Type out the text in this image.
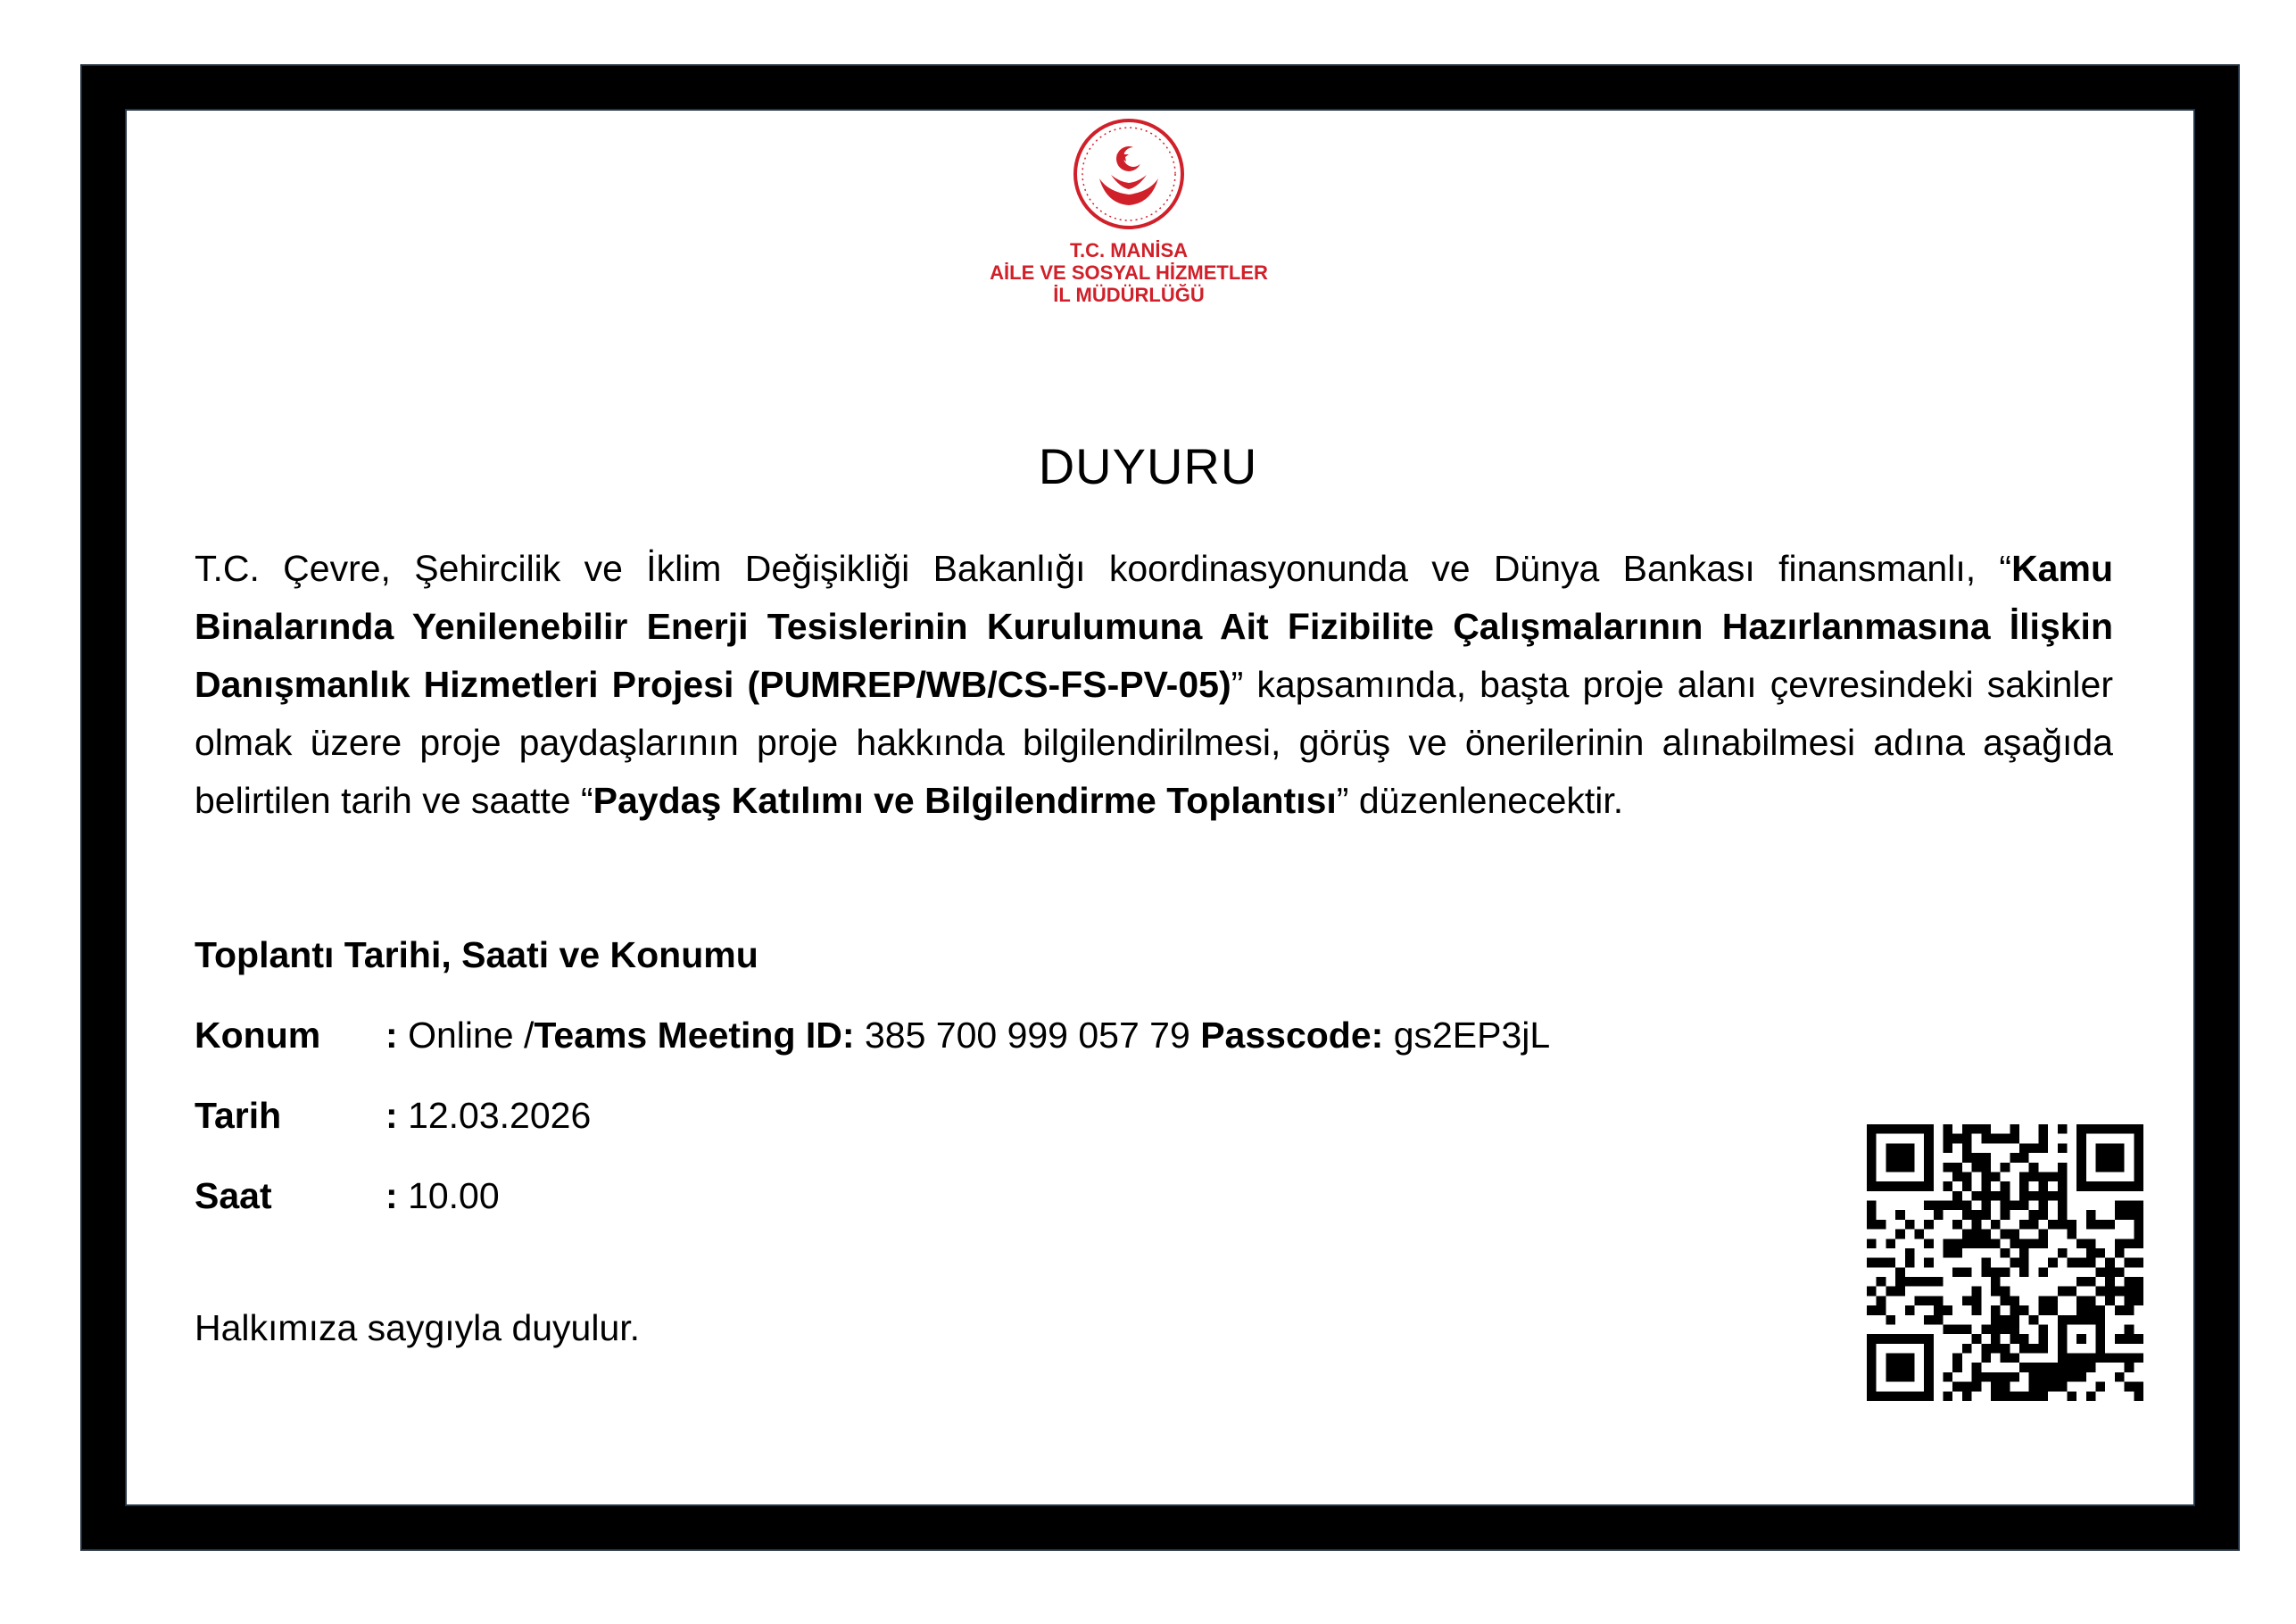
T.C. MANİSA
AİLE VE SOSYAL HİZMETLER
İL MÜDÜRLÜĞÜ
DUYURU
T.C. Çevre, Şehircilik ve İklim Değişikliği Bakanlığı koordinasyonunda ve Dünya Bankası finansmanlı, “Kamu Binalarında Yenilenebilir Enerji Tesislerinin Kurulumuna Ait Fizibilite Çalışmalarının Hazırlanmasına İlişkin Danışmanlık Hizmetleri Projesi (PUMREP/WB/CS-FS-PV-05)” kapsamında, başta proje alanı çevresindeki sakinler olmak üzere proje paydaşlarının proje hakkında bilgilendirilmesi, görüş ve önerilerinin alınabilmesi adına aşağıda belirtilen tarih ve saatte “Paydaş Katılımı ve Bilgilendirme Toplantısı” düzenlenecektir.
Toplantı Tarihi, Saati ve Konumu
Konum : Online /Teams Meeting ID: 385 700 999 057 79 Passcode: gs2EP3jL
Tarih	: 12.03.2026
Saat	: 10.00
Halkımıza saygıyla duyulur.
